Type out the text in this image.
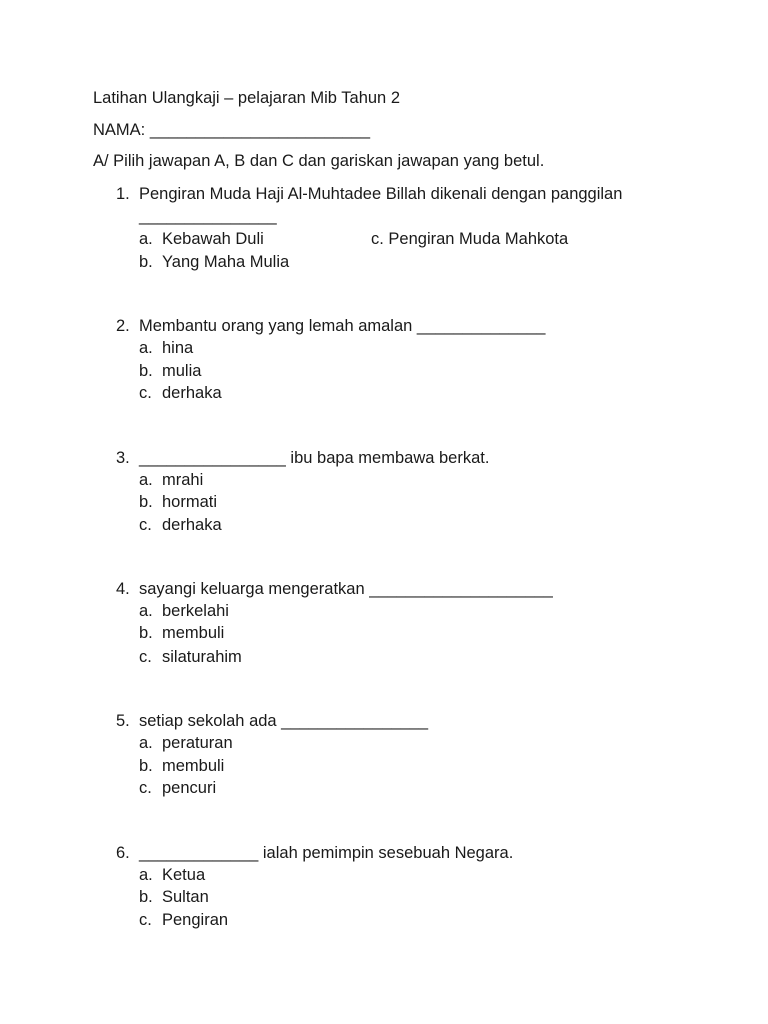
Latihan Ulangkaji – pelajaran Mib Tahun 2
NAMA: ________________________
A/ Pilih jawapan A, B dan C dan gariskan jawapan yang betul.
1. Pengiran Muda Haji Al-Muhtadee Billah dikenali dengan panggilan
_______________
a. Kebawah Duli	c. Pengiran Muda Mahkota
b. Yang Maha Mulia
2. Membantu orang yang lemah amalan ______________
a. hina
b. mulia
c. derhaka
3. ________________ ibu bapa membawa berkat.
a. mrahi
b. hormati
c. derhaka
4. sayangi keluarga mengeratkan ____________________
a. berkelahi
b. membuli
c. silaturahim
5. setiap sekolah ada ________________
a. peraturan
b. membuli
c. pencuri
6. _____________ ialah pemimpin sesebuah Negara.
a. Ketua
b. Sultan
c. Pengiran
